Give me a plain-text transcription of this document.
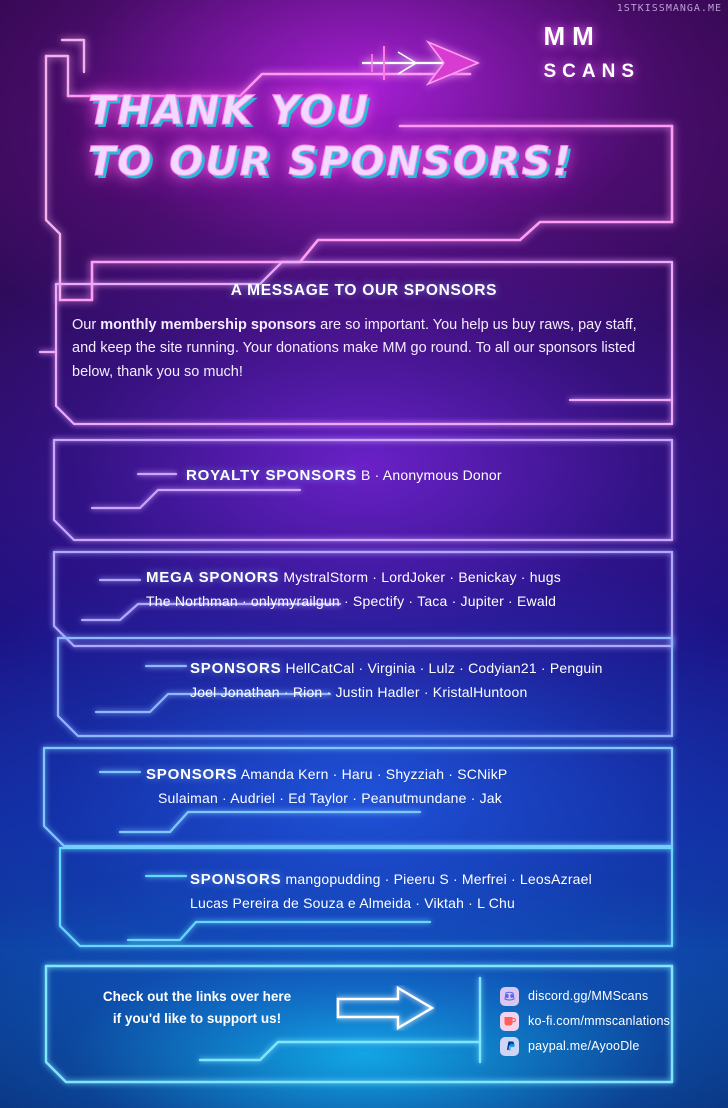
1STKISSMANGA.ME
MM
SCANS
THANK YOU
TO OUR SPONSORS!
A MESSAGE TO OUR SPONSORS
Our monthly membership sponsors are so important. You help us buy raws, pay staff, and keep the site running. Your donations make MM go round. To all our sponsors listed below, thank you so much!
ROYALTY SPONSORS B · Anonymous Donor
MEGA SPONORS MystralStorm · LordJoker · Benickay · hugs
The Northman · onlymyrailgun · Spectify · Taca · Jupiter · Ewald
SPONSORS HellCatCal · Virginia · Lulz · Codyian21 · Penguin
Joel Jonathan · Rion · Justin Hadler · KristalHuntoon
SPONSORS Amanda Kern · Haru · Shyzziah · SCNikP
Sulaiman · Audriel · Ed Taylor · Peanutmundane · Jak
SPONSORS mangopudding · Pieeru S · Merfrei · LeosAzrael
Lucas Pereira de Souza e Almeida · Viktah · L Chu
Check out the links over here
if you'd like to support us!
discord.gg/MMScans
ko-fi.com/mmscanlations
paypal.me/AyooDle
